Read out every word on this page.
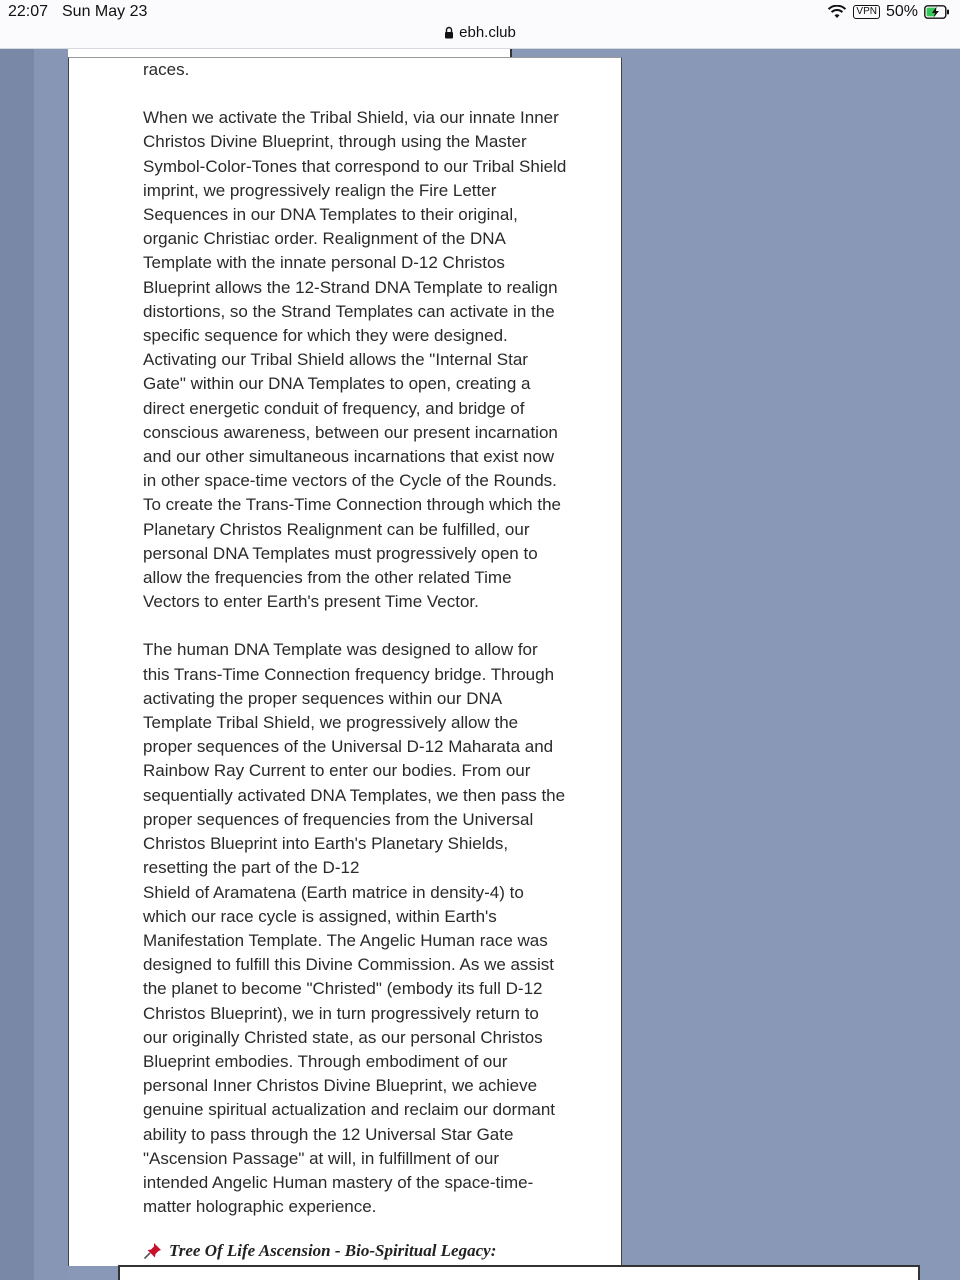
22:07 Sun May 23	VPN 50%
ebh.club

races.

When we activate the Tribal Shield, via our innate Inner
Christos Divine Blueprint, through using the Master
Symbol-Color-Tones that correspond to our Tribal Shield
imprint, we progressively realign the Fire Letter
Sequences in our DNA Templates to their original,
organic Christiac order. Realignment of the DNA
Template with the innate personal D-12 Christos
Blueprint allows the 12-Strand DNA Template to realign
distortions, so the Strand Templates can activate in the
specific sequence for which they were designed.
Activating our Tribal Shield allows the "Internal Star
Gate" within our DNA Templates to open, creating a
direct energetic conduit of frequency, and bridge of
conscious awareness, between our present incarnation
and our other simultaneous incarnations that exist now
in other space-time vectors of the Cycle of the Rounds.
To create the Trans-Time Connection through which the
Planetary Christos Realignment can be fulfilled, our
personal DNA Templates must progressively open to
allow the frequencies from the other related Time
Vectors to enter Earth's present Time Vector.

The human DNA Template was designed to allow for
this Trans-Time Connection frequency bridge. Through
activating the proper sequences within our DNA
Template Tribal Shield, we progressively allow the
proper sequences of the Universal D-12 Maharata and
Rainbow Ray Current to enter our bodies. From our
sequentially activated DNA Templates, we then pass the
proper sequences of frequencies from the Universal
Christos Blueprint into Earth's Planetary Shields,
resetting the part of the D-12
Shield of Aramatena (Earth matrice in density-4) to
which our race cycle is assigned, within Earth's
Manifestation Template. The Angelic Human race was
designed to fulfill this Divine Commission. As we assist
the planet to become "Christed" (embody its full D-12
Christos Blueprint), we in turn progressively return to
our originally Christed state, as our personal Christos
Blueprint embodies. Through embodiment of our
personal Inner Christos Divine Blueprint, we achieve
genuine spiritual actualization and reclaim our dormant
ability to pass through the 12 Universal Star Gate
"Ascension Passage" at will, in fulfillment of our
intended Angelic Human mastery of the space-time-
matter holographic experience.

Tree Of Life Ascension - Bio-Spiritual Legacy:
